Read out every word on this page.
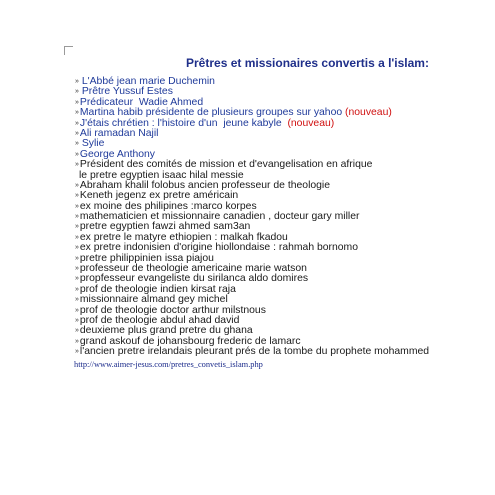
Prêtres et missionaires convertis a l'islam:
» L'Abbé jean marie Duchemin
» Prêtre Yussuf Estes
»Prédicateur  Wadie Ahmed
»Martina habib présidente de plusieurs groupes sur yahoo (nouveau)
»J'étais chrétien : l'histoire d'un  jeune kabyle  (nouveau)
»Ali ramadan Najil
» Sylie
»George Anthony
»Président des comités de mission et d'evangelisation en afrique
le pretre egyptien isaac hilal messie
»Abraham khalil folobus ancien professeur de theologie
»Keneth jegenz ex pretre américain
»ex moine des philipines :marco korpes
»mathematicien et missionnaire canadien , docteur gary miller
»pretre egyptien fawzi ahmed sam3an
»ex pretre le matyre ethiopien : malkah fkadou
»ex pretre indonisien d'origine hiollondaise : rahmah bornomo
»pretre philippinien issa piajou
»professeur de theologie americaine marie watson
»propfesseur evangeliste du sirilanca aldo domires
»prof de theologie indien kirsat raja
»missionnaire almand gey michel
»prof de theologie doctor arthur milstnous
»prof de theologie abdul ahad david
»deuxieme plus grand pretre du ghana
»grand askouf de johansbourg frederic de lamarc
»l'ancien pretre irelandais pleurant prés de la tombe du prophete mohammed
http://www.aimer-jesus.com/pretres_convetis_islam.php
